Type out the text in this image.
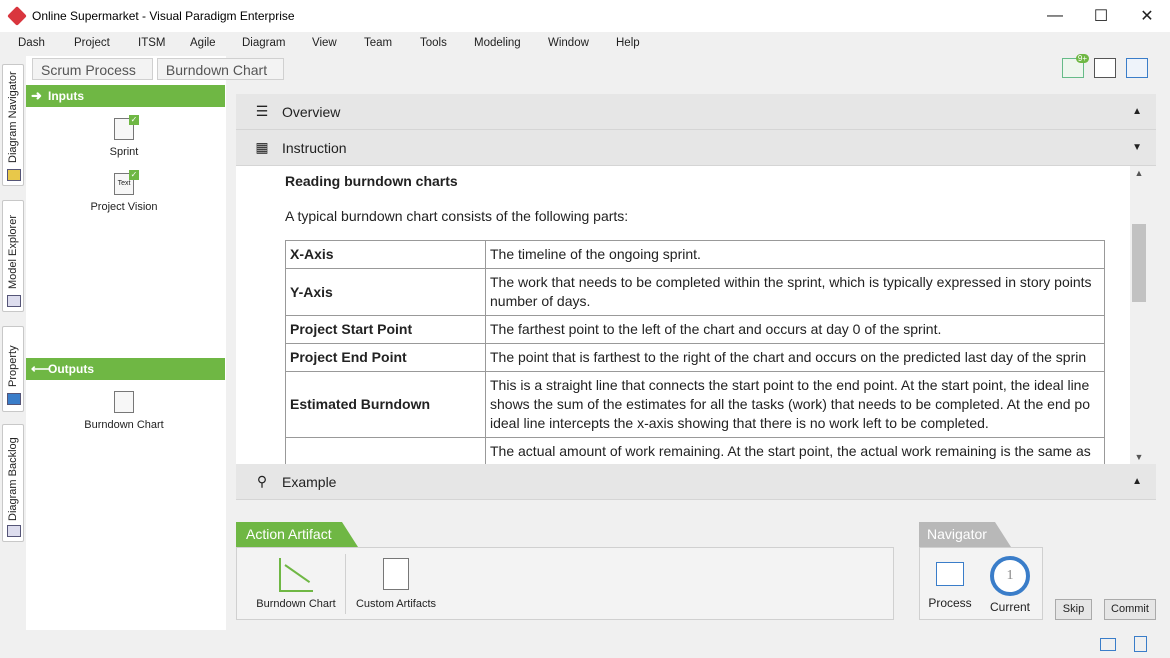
Online Supermarket - Visual Paradigm Enterprise	—	☐	✕
Dash	Project	ITSM	Agile	Diagram	View	Team	Tools	Modeling	Window	Help
Diagram Navigator
Model Explorer
Property
Diagram Backlog
Scrum Process	Burndown Chart
➜ Inputs
✓
Sprint
Text
✓
Project Vision
⟵
Outputs
Burndown Chart
9+
☰ Overview	▲
▦ Instruction	▼
Reading burndown charts

A typical burndown chart consists of the following parts:

X-Axis	The timeline of the ongoing sprint.
Y-Axis	The work that needs to be completed within the sprint, which is typically expressed in story points number of days.
Project Start Point	The farthest point to the left of the chart and occurs at day 0 of the sprint.
Project End Point	The point that is farthest to the right of the chart and occurs on the predicted last day of the sprin
Estimated Burndown	This is a straight line that connects the start point to the end point. At the start point, the ideal line shows the sum of the estimates for all the tasks (work) that needs to be completed. At the end po ideal line intercepts the x-axis showing that there is no work left to be completed.
	The actual amount of work remaining. At the start point, the actual work remaining is the same as
▲
▼
⚲ Example	▲
Action Artifact
Burndown Chart	Custom Artifacts
Navigator
Process
1
Current	Skip	Commit
